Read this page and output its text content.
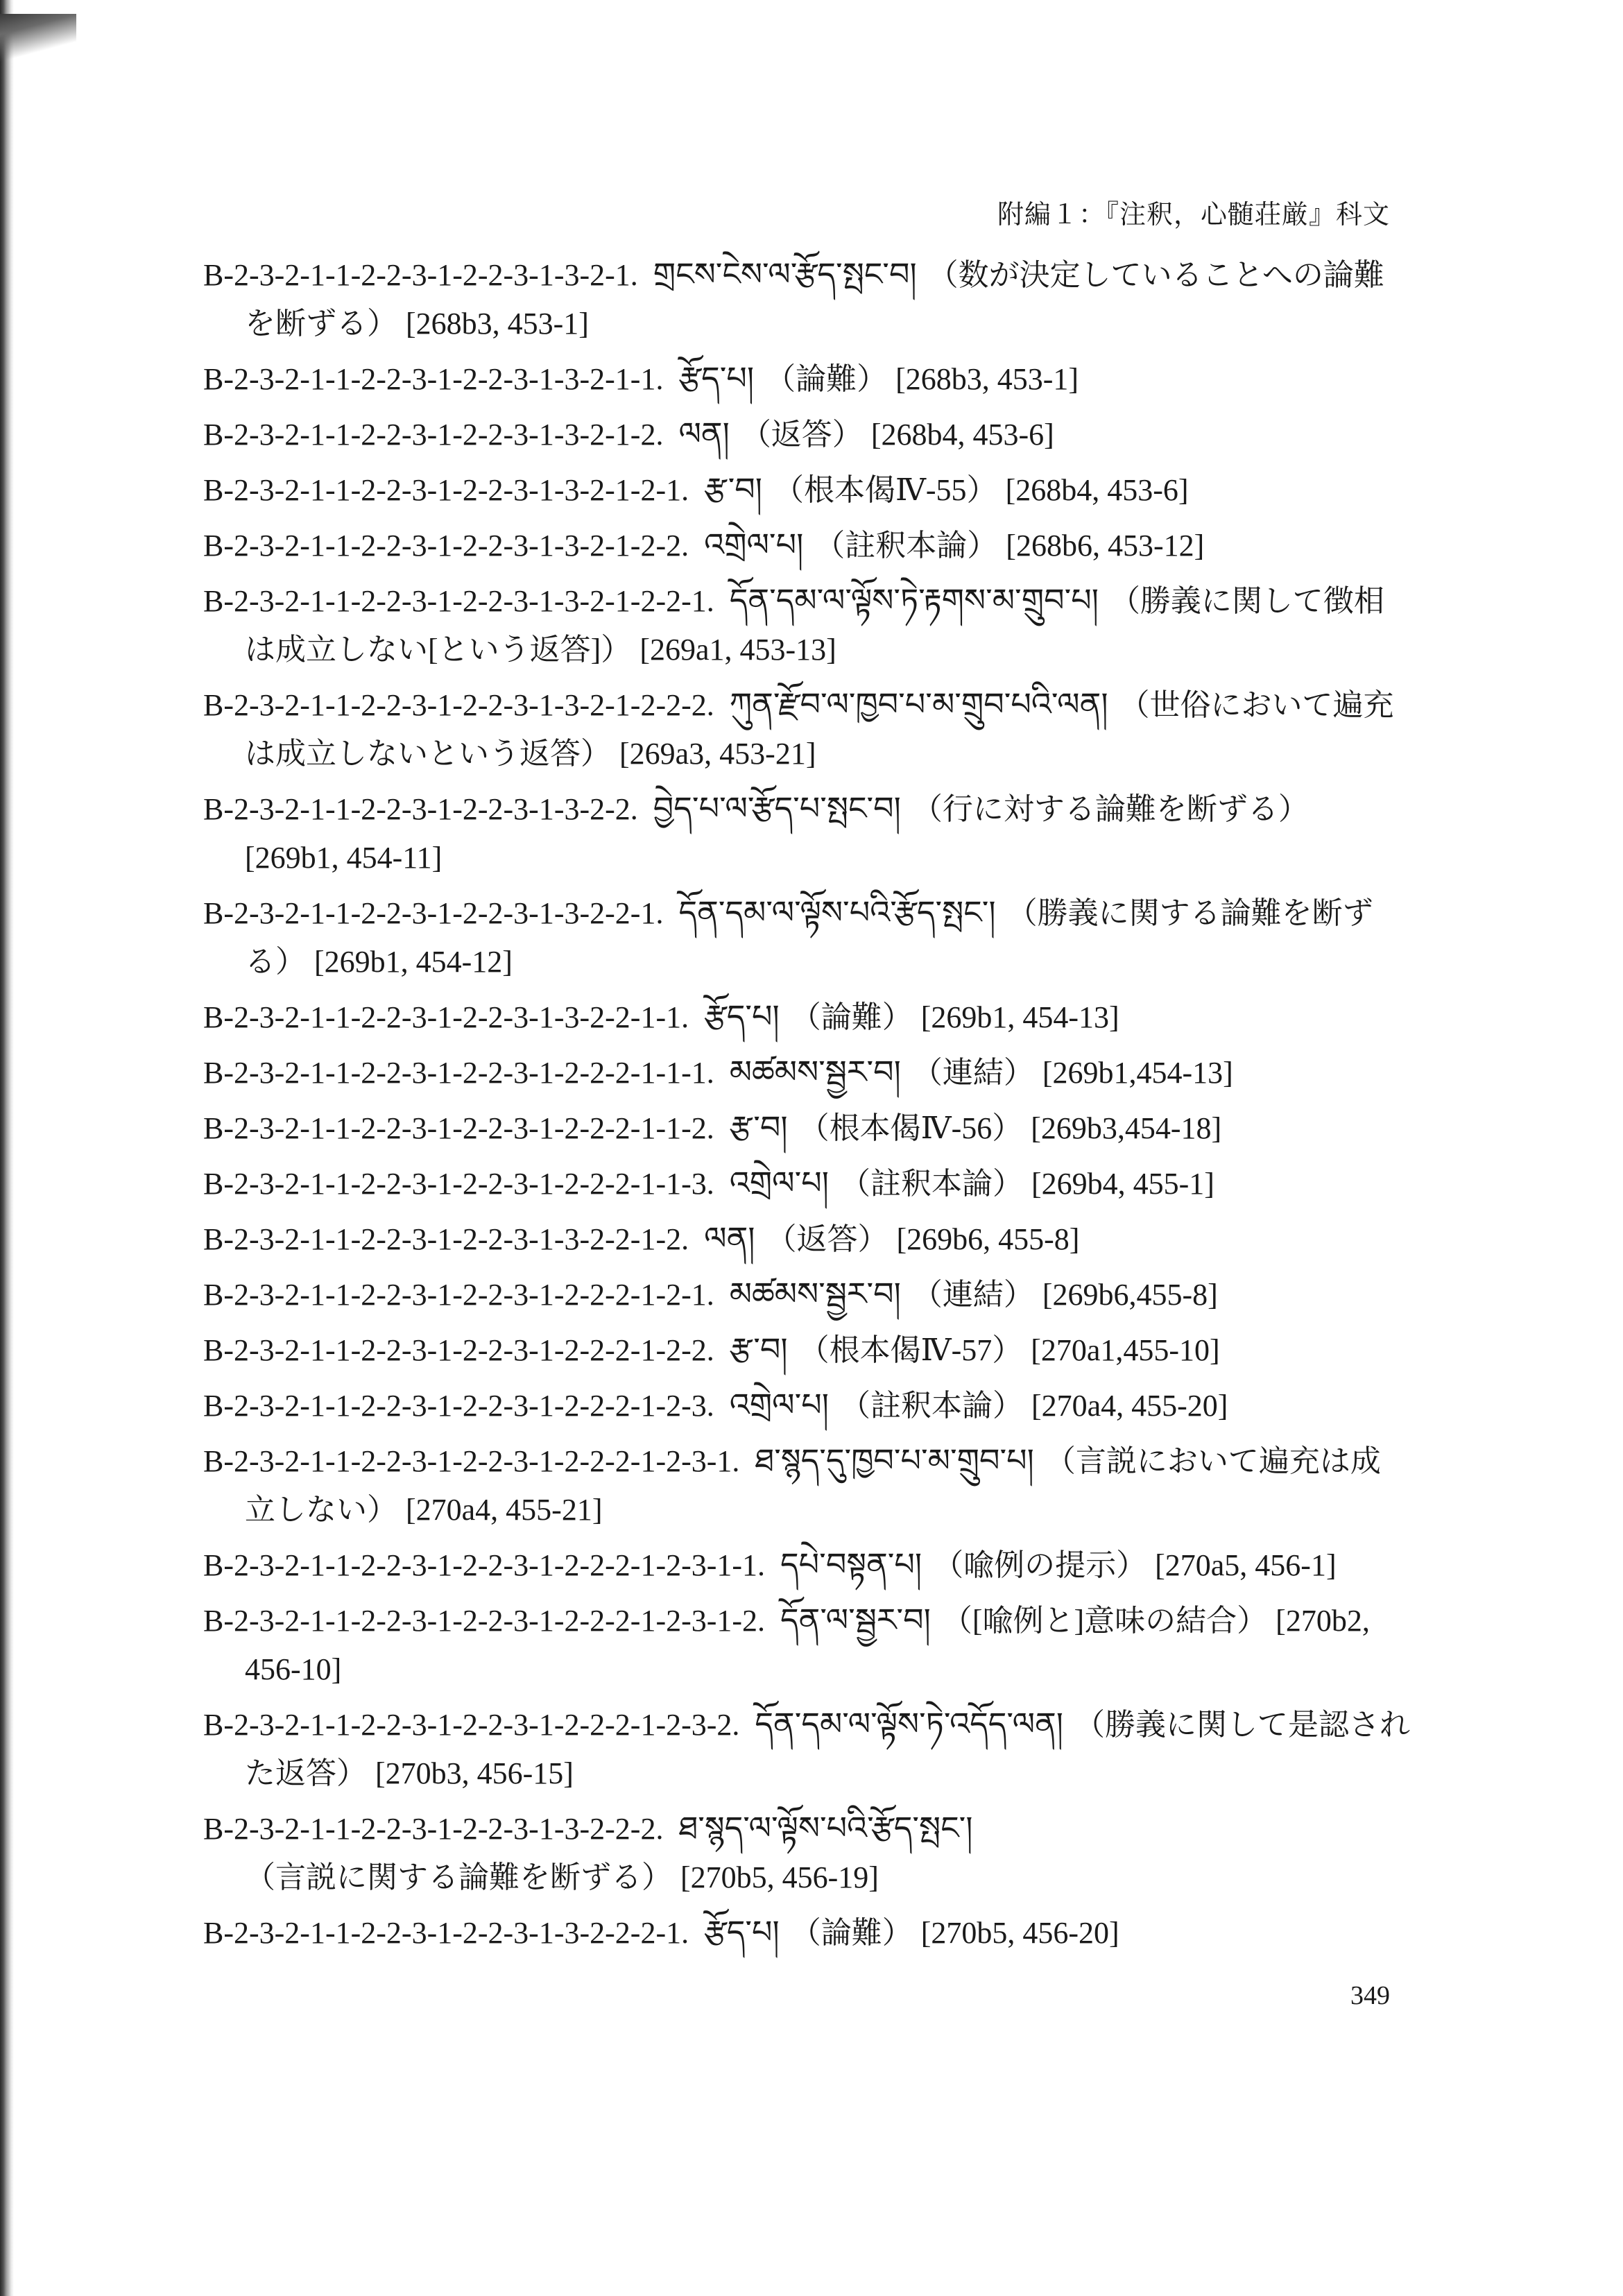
附編１：『注釈，心髄荘厳』科文

B-2-3-2-1-1-2-2-3-1-2-2-3-1-3-2-1. གྲངས་ངེས་ལ་རྩོད་སྤང་བ། （数が決定していることへの論難を断ずる） [268b3, 453-1]

B-2-3-2-1-1-2-2-3-1-2-2-3-1-3-2-1-1. རྩོད་པ། （論難） [268b3, 453-1]

B-2-3-2-1-1-2-2-3-1-2-2-3-1-3-2-1-2. ལན། （返答） [268b4, 453-6]

B-2-3-2-1-1-2-2-3-1-2-2-3-1-3-2-1-2-1. རྩ་བ། （根本偈Ⅳ-55） [268b4, 453-6]

B-2-3-2-1-1-2-2-3-1-2-2-3-1-3-2-1-2-2. འགྲེལ་པ། （註釈本論） [268b6, 453-12]

B-2-3-2-1-1-2-2-3-1-2-2-3-1-3-2-1-2-2-1. དོན་དམ་ལ་ལྟོས་ཏེ་རྟགས་མ་གྲུབ་པ། （勝義に関して徴相は成立しない[という返答]） [269a1, 453-13]

B-2-3-2-1-1-2-2-3-1-2-2-3-1-3-2-1-2-2-2. ཀུན་རྫོབ་ལ་ཁྱབ་པ་མ་གྲུབ་པའི་ལན། （世俗において遍充は成立しないという返答） [269a3, 453-21]

B-2-3-2-1-1-2-2-3-1-2-2-3-1-3-2-2. བྱེད་པ་ལ་རྩོད་པ་སྤང་བ། （行に対する論難を断ずる）[269b1, 454-11]

B-2-3-2-1-1-2-2-3-1-2-2-3-1-3-2-2-1. དོན་དམ་ལ་ལྟོས་པའི་རྩོད་སྤང་། （勝義に関する論難を断ずる） [269b1, 454-12]

B-2-3-2-1-1-2-2-3-1-2-2-3-1-3-2-2-1-1. རྩོད་པ། （論難） [269b1, 454-13]

B-2-3-2-1-1-2-2-3-1-2-2-3-1-2-2-2-1-1-1. མཚམས་སྦྱར་བ། （連結） [269b1,454-13]

B-2-3-2-1-1-2-2-3-1-2-2-3-1-2-2-2-1-1-2. རྩ་བ། （根本偈Ⅳ-56） [269b3,454-18]

B-2-3-2-1-1-2-2-3-1-2-2-3-1-2-2-2-1-1-3. འགྲེལ་པ། （註釈本論） [269b4, 455-1]

B-2-3-2-1-1-2-2-3-1-2-2-3-1-3-2-2-1-2. ལན། （返答） [269b6, 455-8]

B-2-3-2-1-1-2-2-3-1-2-2-3-1-2-2-2-1-2-1. མཚམས་སྦྱར་བ། （連結） [269b6,455-8]

B-2-3-2-1-1-2-2-3-1-2-2-3-1-2-2-2-1-2-2. རྩ་བ། （根本偈Ⅳ-57） [270a1,455-10]

B-2-3-2-1-1-2-2-3-1-2-2-3-1-2-2-2-1-2-3. འགྲེལ་པ། （註釈本論） [270a4, 455-20]

B-2-3-2-1-1-2-2-3-1-2-2-3-1-2-2-2-1-2-3-1. ཐ་སྙད་དུ་ཁྱབ་པ་མ་གྲུབ་པ། （言説において遍充は成立しない） [270a4, 455-21]

B-2-3-2-1-1-2-2-3-1-2-2-3-1-2-2-2-1-2-3-1-1. དཔེ་བསྟན་པ། （喩例の提示） [270a5, 456-1]

B-2-3-2-1-1-2-2-3-1-2-2-3-1-2-2-2-1-2-3-1-2. དོན་ལ་སྦྱར་བ། （[喩例と]意味の結合） [270b2, 456-10]

B-2-3-2-1-1-2-2-3-1-2-2-3-1-2-2-2-1-2-3-2. དོན་དམ་ལ་ལྟོས་ཏེ་འདོད་ལན། （勝義に関して是認された返答） [270b3, 456-15]

B-2-3-2-1-1-2-2-3-1-2-2-3-1-3-2-2-2. ཐ་སྙད་ལ་ལྟོས་པའི་རྩོད་སྤང་།（言説に関する論難を断ずる） [270b5, 456-19]

B-2-3-2-1-1-2-2-3-1-2-2-3-1-3-2-2-2-1. རྩོད་པ། （論難） [270b5, 456-20]

349
